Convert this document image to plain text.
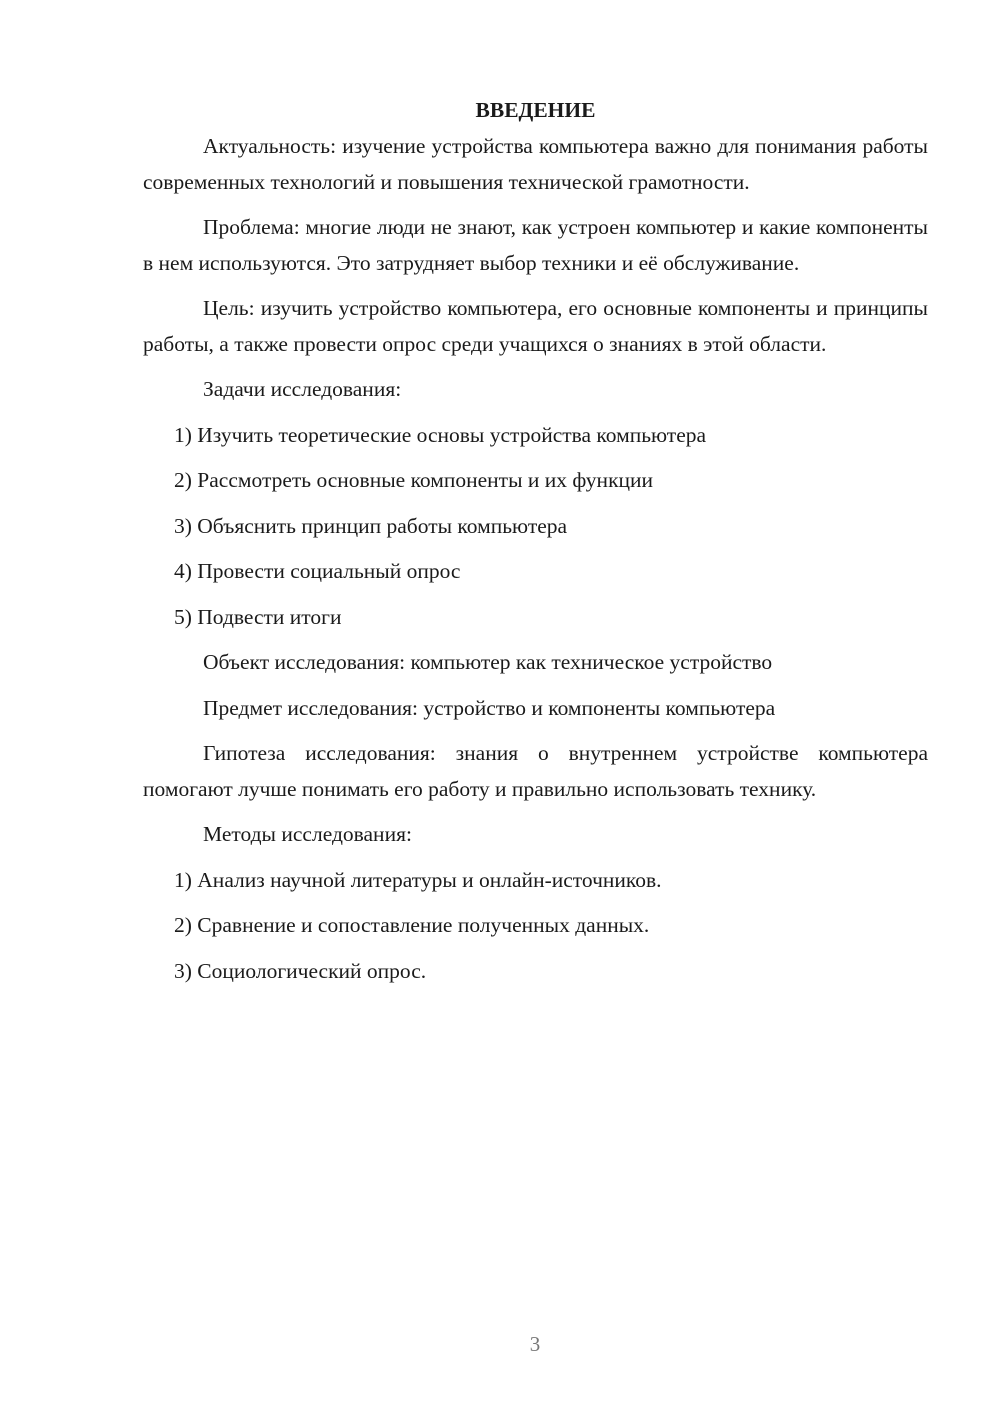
ВВЕДЕНИЕ

Актуальность: изучение устройства компьютера важно для понимания работы современных технологий и повышения технической грамотности.

Проблема: многие люди не знают, как устроен компьютер и какие компоненты в нем используются. Это затрудняет выбор техники и её обслуживание.

Цель: изучить устройство компьютера, его основные компоненты и принципы работы, а также провести опрос среди учащихся о знаниях в этой области.

Задачи исследования:

1) Изучить теоретические основы устройства компьютера

2) Рассмотреть основные компоненты и их функции

3) Объяснить принцип работы компьютера

4) Провести социальный опрос

5) Подвести итоги

Объект исследования: компьютер как техническое устройство

Предмет исследования: устройство и компоненты компьютера

Гипотеза исследования: знания о внутреннем устройстве компьютера помогают лучше понимать его работу и правильно использовать технику.

Методы исследования:

1) Анализ научной литературы и онлайн-источников.

2) Сравнение и сопоставление полученных данных.

3) Социологический опрос.

3
